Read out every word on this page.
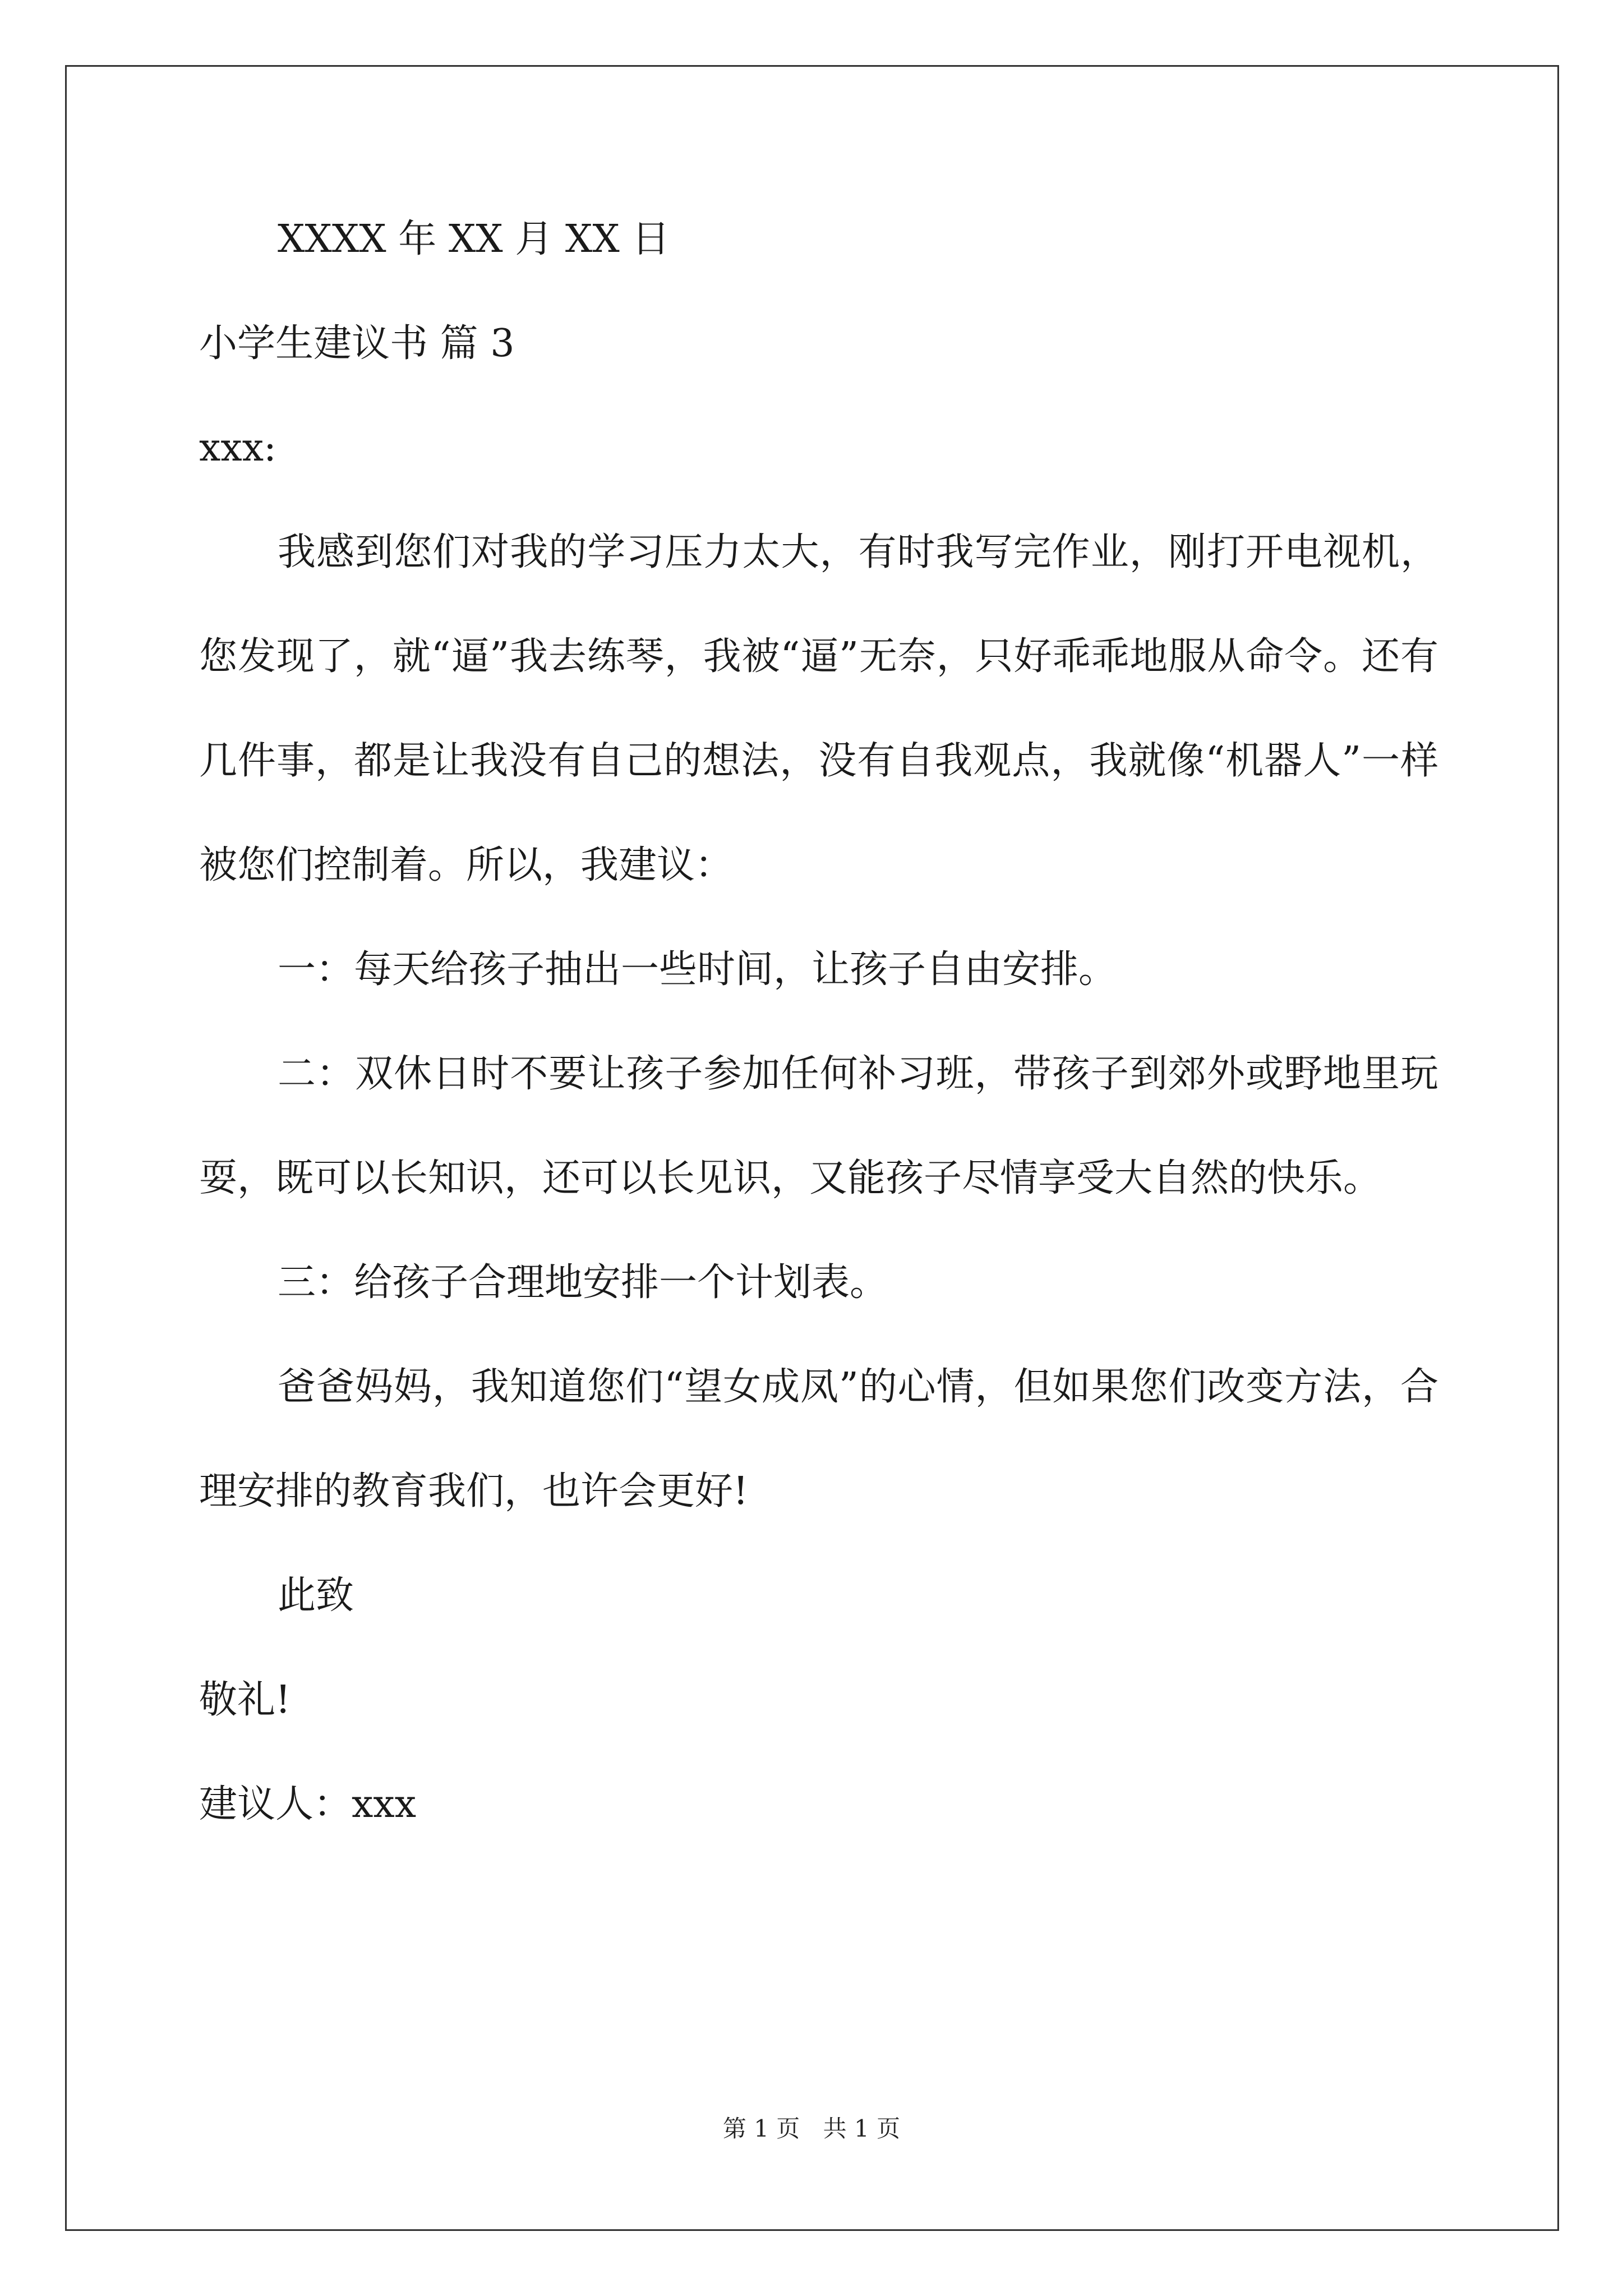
XXXX 年 XX 月 XX 日

小学生建议书 篇 3

xxx:

我感到您们对我的学习压力太大，有时我写完作业，刚打开电视机，您发现了，就“逼”我去练琴，我被“逼”无奈，只好乖乖地服从命令。还有几件事，都是让我没有自己的想法，没有自我观点，我就像“机器人”一样被您们控制着。所以，我建议：

一：每天给孩子抽出一些时间，让孩子自由安排。

二：双休日时不要让孩子参加任何补习班，带孩子到郊外或野地里玩耍，既可以长知识，还可以长见识，又能孩子尽情享受大自然的快乐。

三：给孩子合理地安排一个计划表。

爸爸妈妈，我知道您们“望女成凤”的心情，但如果您们改变方法，合理安排的教育我们，也许会更好!

此致

敬礼!

建议人：xxx

第 1 页 共 1 页
